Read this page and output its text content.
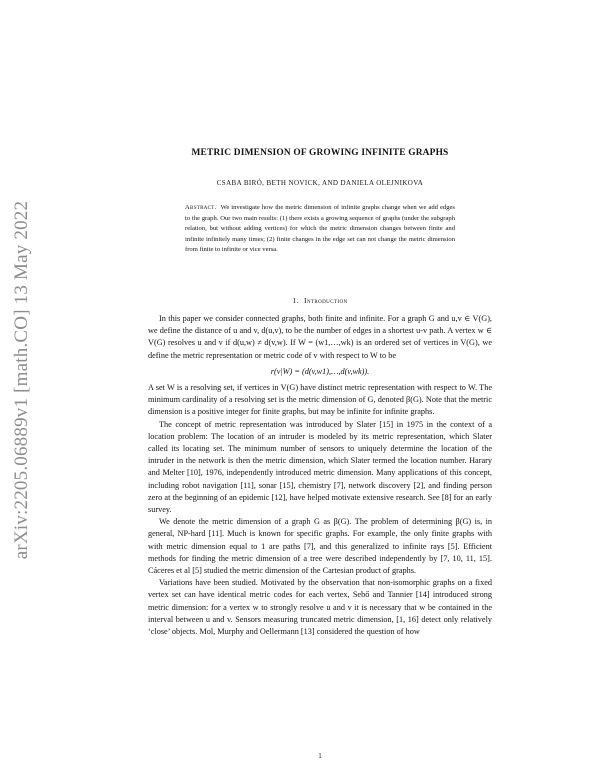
arXiv:2205.06889v1 [math.CO] 13 May 2022
METRIC DIMENSION OF GROWING INFINITE GRAPHS
CSABA BIRÓ, BETH NOVICK, AND DANIELA OLEJNIKOVA
Abstract. We investigate how the metric dimension of infinite graphs change when we add edges to the graph. Our two main results: (1) there exists a growing sequence of graphs (under the subgraph relation, but without adding vertices) for which the metric dimension changes between finite and infinite infinitely many times; (2) finite changes in the edge set can not change the metric dimension from finite to infinite or vice versa.
1. Introduction

In this paper we consider connected graphs, both finite and infinite. For a graph G and u,v ∈ V(G), we define the distance of u and v, d(u,v), to be the number of edges in a shortest u-v path. A vertex w ∈ V(G) resolves u and v if d(u,w) ≠ d(v,w). If W = (w1,…,wk) is an ordered set of vertices in V(G), we define the metric representation or metric code of v with respect to W to be

r(v|W) = (d(v,w1),…,d(v,wk)).

A set W is a resolving set, if vertices in V(G) have distinct metric representation with respect to W. The minimum cardinality of a resolving set is the metric dimension of G, denoted β(G). Note that the metric dimension is a positive integer for finite graphs, but may be infinite for infinite graphs.

The concept of metric representation was introduced by Slater [15] in 1975 in the context of a location problem: The location of an intruder is modeled by its metric representation, which Slater called its locating set. The minimum number of sensors to uniquely determine the location of the intruder in the network is then the metric dimension, which Slater termed the location number. Harary and Melter [10], 1976, independently introduced metric dimension. Many applications of this concept, including robot navigation [11], sonar [15], chemistry [7], network discovery [2], and finding person zero at the beginning of an epidemic [12], have helped motivate extensive research. See [8] for an early survey.

We denote the metric dimension of a graph G as β(G). The problem of determining β(G) is, in general, NP-hard [11]. Much is known for specific graphs. For example, the only finite graphs with with metric dimension equal to 1 are paths [7], and this generalized to infinite rays [5]. Efficient methods for finding the metric dimension of a tree were described independently by [7, 10, 11, 15]. Cáceres et al [5] studied the metric dimension of the Cartesian product of graphs.

Variations have been studied. Motivated by the observation that non-isomorphic graphs on a fixed vertex set can have identical metric codes for each vertex, Sebő and Tannier [14] introduced strong metric dimension: for a vertex w to strongly resolve u and v it is necessary that w be contained in the interval between u and v. Sensors measuring truncated metric dimension, [1, 16] detect only relatively ‘close’ objects. Mol, Murphy and Oellermann [13] considered the question of how

1
